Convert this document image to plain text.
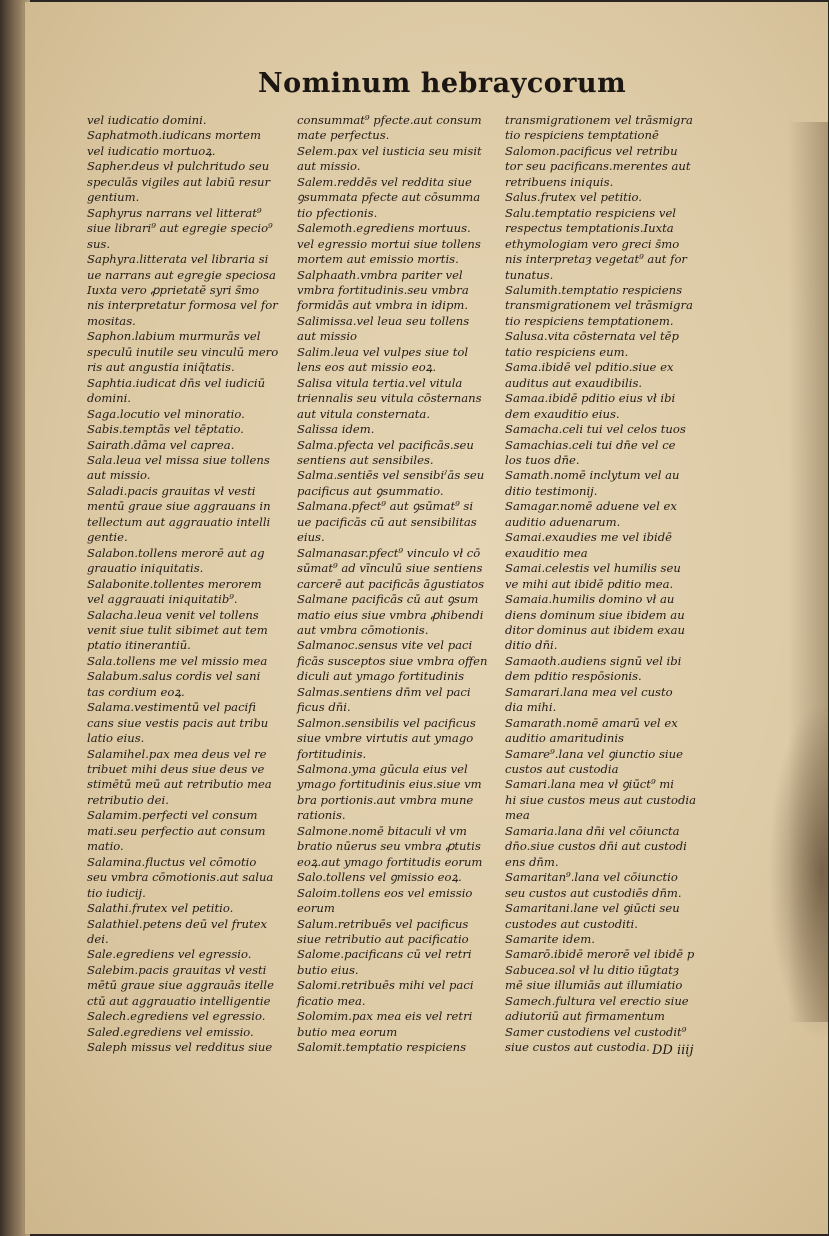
Nominum hebraycorum
vel iudicatio domini.
Saphatmoth.iudicans mortem
vel iudicatio mortuoꝝ.
Sapher.deus vł pulchritudo seu
speculās vigiles aut labiū resur
gentium.
Saphyrus narrans vel litterat⁹
siue librari⁹ aut egregie specio⁹
sus.
Saphyra.litterata vel libraria si
ue narrans aut egregie speciosa
Iuxta vero ꝓprietatē syri s̄mo
nis interpretatur formosa vel for
mositas.
Saphon.labium murmurās vel
speculū inutile seu vinculū mero
ris aut angustia iniq̄tatis.
Saphtia.iudicat dn̄s vel iudiciū
domini.
Saga.locutio vel minoratio.
Sabis.temptās vel tēptatio.
Sairath.dāma vel caprea.
Sala.leua vel missa siue tollens
aut missio.
Saladi.pacis grauitas vł vesti
mentū graue siue aggrauans in
tellectum aut aggrauatio intelli
gentie.
Salabon.tollens merorē aut ag
grauatio iniquitatis.
Salabonite.tollentes merorem
vel aggrauati iniquitatib⁹.
Salacha.leua venit vel tollens
venit siue tulit sibimet aut tem
ptatio itinerantiū.
Sala.tollens me vel missio mea
Salabum.salus cordis vel sani
tas cordium eoꝝ.
Salama.vestimentū vel pacifi
cans siue vestis pacis aut tribu
latio eius.
Salamihel.pax mea deus vel re
tribuet mihi deus siue deus ve
stimētū meū aut retributio mea
retributio dei.
Salamim.perfecti vel consum
mati.seu perfectio aut consum
matio.
Salamina.fluctus vel cōmotio
seu vmbra cōmotionis.aut salua
tio iudicij.
Salathi.frutex vel petitio.
Salathiel.petens deū vel frutex
dei.
Sale.egrediens vel egressio.
Salebim.pacis grauitas vł vesti
mētū graue siue aggrauās itelle
ctū aut aggrauatio intelligentie
Salech.egrediens vel egressio.
Saled.egrediens vel emissio.
Saleph missus vel redditus siue
consummat⁹ pfecte.aut consum
mate perfectus.
Selem.pax vel iusticia seu misit
aut missio.
Salem.reddēs vel reddita siue
ꝯsummata pfecte aut cōsumma
tio pfectionis.
Salemoth.egrediens mortuus.
vel egressio mortui siue tollens
mortem aut emissio mortis.
Salphaath.vmbra pariter vel
vmbra fortitudinis.seu vmbra
formidās aut vmbra in idipm.
Salimissa.vel leua seu tollens
aut missio
Salim.leua vel vulpes siue tol
lens eos aut missio eoꝝ.
Salisa vitula tertia.vel vitula
triennalis seu vitula cōsternans
aut vitula consternata.
Salissa idem.
Salma.pfecta vel pacificās.seu
sentiens aut sensibiles.
Salma.sentiēs vel sensibiˀās seu
pacificus aut ꝯsummatio.
Salmana.pfect⁹ aut ꝯsūmat⁹ si
ue pacificās cū aut sensibilitas
eius.
Salmanasar.pfect⁹ vinculo vł cō
sūmat⁹ ad vīnculū siue sentiens
carcerē aut pacificās āgustiatos
Salmane pacificās cū aut ꝯsum
matio eius siue vmbra ꝓhibendi
aut vmbra cōmotionis.
Salmanoc.sensus vite vel paci
ficās susceptos siue vmbra offen
diculi aut ymago fortitudinis
Salmas.sentiens dn̄m vel paci
ficus dn̄i.
Salmon.sensibilis vel pacificus
siue vmbre virtutis aut ymago
fortitudinis.
Salmona.yma gūcula eius vel
ymago fortitudinis eius.siue vm
bra portionis.aut vmbra mune
rationis.
Salmone.nomē bitaculi vł vm
bratio nūerus seu vmbra ꝓtutis
eoꝝ.aut ymago fortitudis eorum
Salo.tollens vel ꝯmissio eoꝝ.
Saloim.tollens eos vel emissio
eorum
Salum.retribuēs vel pacificus
siue retributio aut pacificatio
Salome.pacificans cū vel retri
butio eius.
Salomi.retribuēs mihi vel paci
ficatio mea.
Solomim.pax mea eis vel retri
butio mea eorum
Salomit.temptatio respiciens
transmigrationem vel trāsmigra
tio respiciens temptationē
Salomon.pacificus vel retribu
tor seu pacificans.merentes aut
retribuens iniquis.
Salus.frutex vel petitio.
Salu.temptatio respiciens vel
respectus temptationis.Iuxta
ethymologiam vero greci s̄mo
nis interpretaȝ vegetat⁹ aut for
tunatus.
Salumith.temptatio respiciens
transmigrationem vel trāsmigra
tio respiciens temptationem.
Salusa.vita cōsternata vel tēp
tatio respiciens eum.
Sama.ibidē vel pditio.siue ex
auditus aut exaudibilis.
Samaa.ibidē pditio eius vł ibi
dem exauditio eius.
Samacha.celi tui vel celos tuos
Samachias.celi tui dn̄e vel ce
los tuos dn̄e.
Samath.nomē inclytum vel au
ditio testimonij.
Samagar.nomē aduene vel ex
auditio aduenarum.
Samai.exaudies me vel ibidē
exauditio mea
Samai.celestis vel humilis seu
ve mihi aut ibidē pditio mea.
Samaia.humilis domino vł au
diens dominum siue ibidem au
ditor dominus aut ibidem exau
ditio dn̄i.
Samaoth.audiens signū vel ibi
dem pditio respōsionis.
Samarari.lana mea vel custo
dia mihi.
Samarath.nomē amarū vel ex
auditio amaritudinis
Samare⁹.lana vel ꝯiunctio siue
custos aut custodia
Samari.lana mea vł ꝯiūct⁹ mi
hi siue custos meus aut custodia
mea
Samaria.lana dn̄i vel cōiuncta
dn̄o.siue custos dn̄i aut custodi
ens dn̄m.
Samaritan⁹.lana vel cōiunctio
seu custos aut custodiēs dn̄m.
Samaritani.lane vel ꝯiūcti seu
custodes aut custoditi.
Samarite idem.
Samarō.ibidē merorē vel ibidē p
Sabucea.sol vł lu ditio iūgtatȝ
mē siue illumiās aut illumiatio
Samech.fultura vel erectio siue
adiutoriū aut firmamentum
Samer custodiens vel custodit⁹
siue custos aut custodia. DD iiij
